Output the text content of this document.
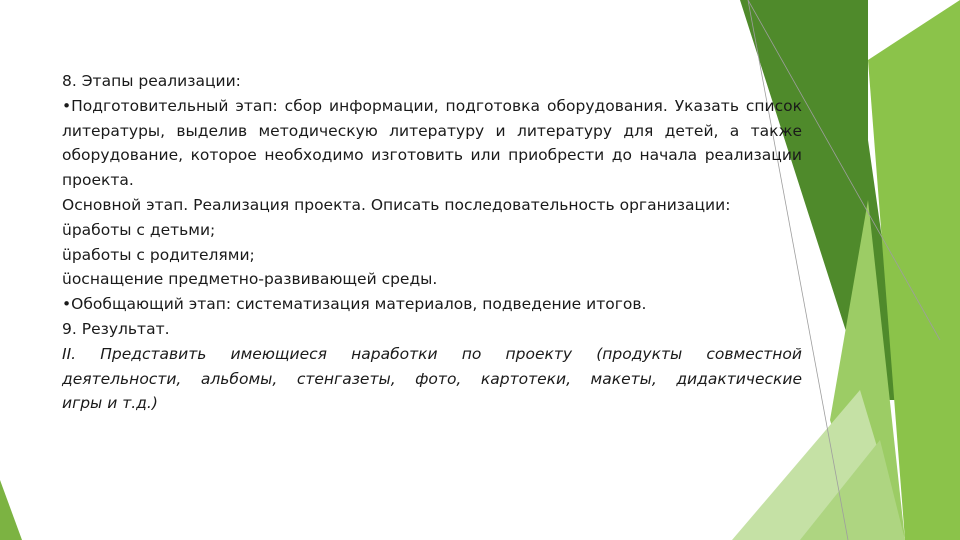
8. Этапы реализации:
•Подготовительный этап: сбор информации, подготовка оборудования. Указать список
литературы, выделив методическую литературу и литературу для детей, а также
оборудование, которое необходимо изготовить или приобрести до начала реализации
проекта.
Основной этап. Реализация проекта. Описать последовательность организации:
üработы с детьми;
üработы с родителями;
üоснащение предметно-развивающей среды.
•Обобщающий этап: систематизация материалов, подведение итогов.
9. Результат.
II. Представить имеющиеся наработки по проекту (продукты совместной
деятельности, альбомы, стенгазеты, фото, картотеки, макеты, дидактические
игры и т.д.)
